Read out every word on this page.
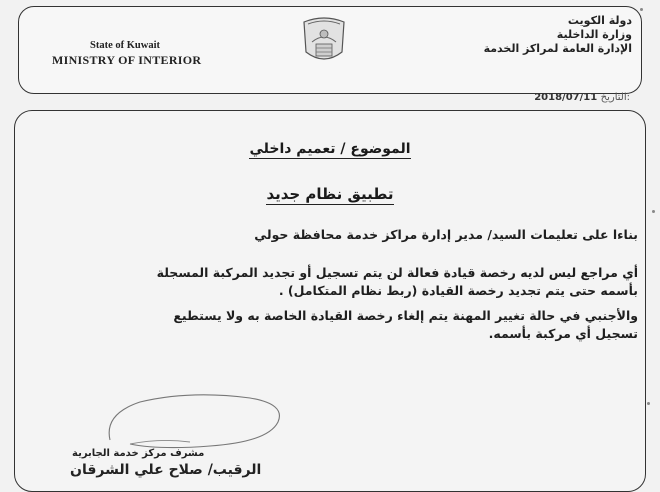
State of Kuwait
MINISTRY OF INTERIOR
دولة الكويت
وزارة الداخلية
الإدارة العامة لمراكز الخدمة
2018/07/11 التاريخ:
الموضوع / تعميم داخلي
تطبيق نظام جديد
بناءا على تعليمات السيد/ مدير إدارة مراكز خدمة محافظة حولي
أي مراجع ليس لديه رخصة قيادة فعالة لن يتم تسجيل أو تجديد المركبة المسجلة
بأسمه حتى يتم تجديد رخصة القيادة (ربط نظام المتكامل) .
والأجنبي في حالة تغيير المهنة يتم إلغاء رخصة القيادة الخاصة به ولا يستطيع
تسجيل أي مركبة بأسمه.
مشرف مركز خدمة الجابرية
الرقيب/ صلاح علي الشرقان
